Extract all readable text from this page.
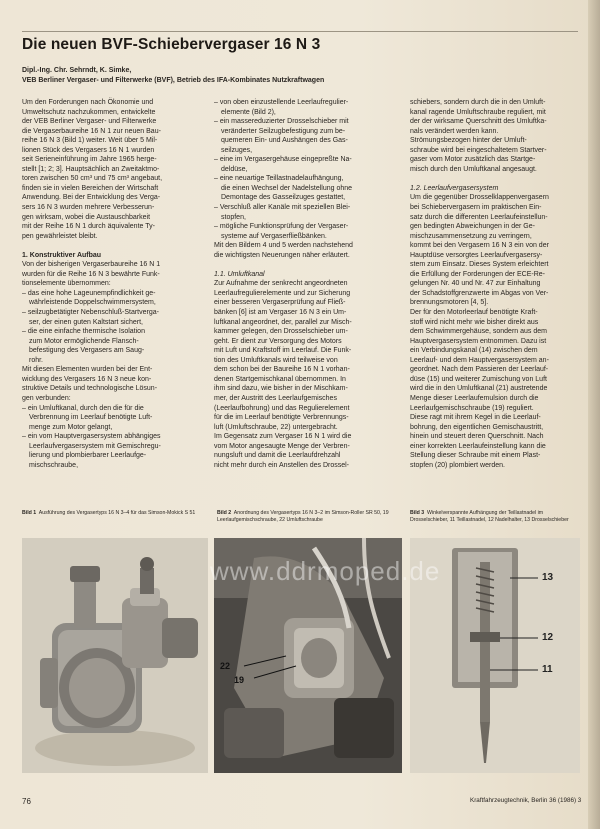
Die neuen BVF-Schiebervergaser 16 N 3
Dipl.-Ing. Chr. Sehrndt, K. Simke,
VEB Berliner Vergaser- und Filterwerke (BVF), Betrieb des IFA-Kombinates Nutzkraftwagen
Um den Forderungen nach Ökonomie und
Umweltschutz nachzukommen, entwickelte
der VEB Berliner Vergaser- und Filterwerke
die Vergaserbaureihe 16 N 1 zur neuen Bau-
reihe 16 N 3 (Bild 1) weiter. Weit über 5 Mil-
lionen Stück des Vergasers 16 N 1 wurden
seit Serieneinführung im Jahre 1965 herge-
stellt [1; 2; 3]. Hauptsächlich an Zweitaktmo-
toren zwischen 50 cm³ und 75 cm³ angebaut,
finden sie in vielen Bereichen der Wirtschaft
Anwendung. Bei der Entwicklung des Verga-
sers 16 N 3 wurden mehrere Verbesserun-
gen wirksam, wobei die Austauschbarkeit
mit der Reihe 16 N 1 durch äquivalente Ty-
pen gewährleistet bleibt.

1. Konstruktiver Aufbau

Von der bisherigen Vergaserbaureihe 16 N 1
wurden für die Reihe 16 N 3 bewährte Funk-
tionselemente übernommen:
– das eine hohe Lageunempfindlichkeit ge-
währleistende Doppelschwimmersystem,
– seilzugbetätigter Nebenschluß-Startverga-
ser, der einen guten Kaltstart sichert,
– die eine einfache thermische Isolation
zum Motor ermöglichende Flansch-
befestigung des Vergasers am Saug-
rohr.
Mit diesen Elementen wurden bei der Ent-
wicklung des Vergasers 16 N 3 neue kon-
struktive Details und technologische Lösun-
gen verbunden:
– ein Umluftkanal, durch den die für die
Verbrennung im Leerlauf benötigte Luft-
menge zum Motor gelangt,
– ein vom Hauptvergasersystem abhängiges
Leerlaufvergasersystem mit Gemischregu-
lierung und plombierbarer Leerlaufge-
mischschraube,
– von oben einzustellende Leerlaufregulier-
elemente (Bild 2),
– ein massereduzierter Drosselschieber mit
veränderter Seilzugbefestigung zum be-
quemeren Ein- und Aushängen des Gas-
seilzuges,
– eine im Vergasergehäuse eingepreßte Na-
deldüse,
– eine neuartige Teillastnadelaufhängung,
die einen Wechsel der Nadelstellung ohne
Demontage des Gasseilzuges gestattet,
– Verschluß aller Kanäle mit speziellen Blei-
stopfen,
– mögliche Funktionsprüfung der Vergaser-
systeme auf Vergaserfließbänken.
Mit den Bildern 4 und 5 werden nachstehend
die wichtigsten Neuerungen näher erläutert.

1.1. Umluftkanal

Zur Aufnahme der senkrecht angeordneten
Leerlaufregulierelemente und zur Sicherung
einer besseren Vergaserprüfung auf Fließ-
bänken [6] ist am Vergaser 16 N 3 ein Um-
luftkanal angeordnet, der, parallel zur Misch-
kammer gelegen, den Drosselschieber um-
geht. Er dient zur Versorgung des Motors
mit Luft und Kraftstoff im Leerlauf. Die Funk-
tion des Umluftkanals wird teilweise von
dem schon bei der Baureihe 16 N 1 vorhan-
denen Startgemischkanal übernommen. In
ihm sind dazu, wie bisher in der Mischkam-
mer, der Austritt des Leerlaufgemisches
(Leerlaufbohrung) und das Regulierelement
für die im Leerlauf benötigte Verbrennungs-
luft (Umluftschraube, 22) untergebracht.
Im Gegensatz zum Vergaser 16 N 1 wird die
vom Motor angesaugte Menge der Verbren-
nungsluft und damit die Leerlaufdrehzahl
nicht mehr durch ein Anstellen des Drossel-
schiebers, sondern durch die in den Umluft-
kanal ragende Umluftschraube reguliert, mit
der der wirksame Querschnitt des Umluftka-
nals verändert werden kann.
Strömungsbezogen hinter der Umluft-
schraube wird bei eingeschaltetem Startver-
gaser vom Motor zusätzlich das Startge-
misch durch den Umluftkanal angesaugt.

1.2. Leerlaufvergasersystem

Um die gegenüber Drosselklappenvergasern
bei Schiebervergasern im praktischen Ein-
satz durch die differenten Leerlaufeinstellun-
gen bedingten Abweichungen in der Ge-
mischzusammensetzung zu verringern,
kommt bei den Vergasern 16 N 3 ein von der
Hauptdüse versorgtes Leerlaufvergasersy-
stem zum Einsatz. Dieses System erleichtert
die Erfüllung der Forderungen der ECE-Re-
gelungen Nr. 40 und Nr. 47 zur Einhaltung
der Schadstoffgrenzwerte im Abgas von Ver-
brennungsmotoren [4, 5].
Der für den Motorleerlauf benötigte Kraft-
stoff wird nicht mehr wie bisher direkt aus
dem Schwimmergehäuse, sondern aus dem
Hauptvergasersystem entnommen. Dazu ist
ein Verbindungskanal (14) zwischen dem
Leerlauf- und dem Hauptvergasersystem an-
geordnet. Nach dem Passieren der Leerlauf-
düse (15) und weiterer Zumischung von Luft
wird die in den Umluftkanal (21) austretende
Menge dieser Leerlaufemulsion durch die
Leerlaufgemischschraube (19) reguliert.
Diese ragt mit ihrem Kegel in die Leerlauf-
bohrung, den eigentlichen Gemischaustritt,
hinein und steuert deren Querschnitt. Nach
einer korrekten Leerlaufeinstellung kann die
Stellung dieser Schraube mit einem Plast-
stopfen (20) plombiert werden.
Bild 1 Ausführung des Vergasertyps 16 N 3–4 für das Simson-Mokick S 51	Bild 2 Anordnung des Vergasertyps 16 N 3–2 im Simson-Roller SR 50, 19 Leerlaufgemischschraube, 22 Umluftschraube
Bild 3 Winkelverspannte Aufhängung der Teillastnadel im Drosselschieber, 11 Teillastnadel, 12 Nadelhalter, 13 Drosselschieber
22
19
13
12
11
www.ddrmoped.de
76	Kraftfahrzeugtechnik, Berlin 36 (1986) 3
